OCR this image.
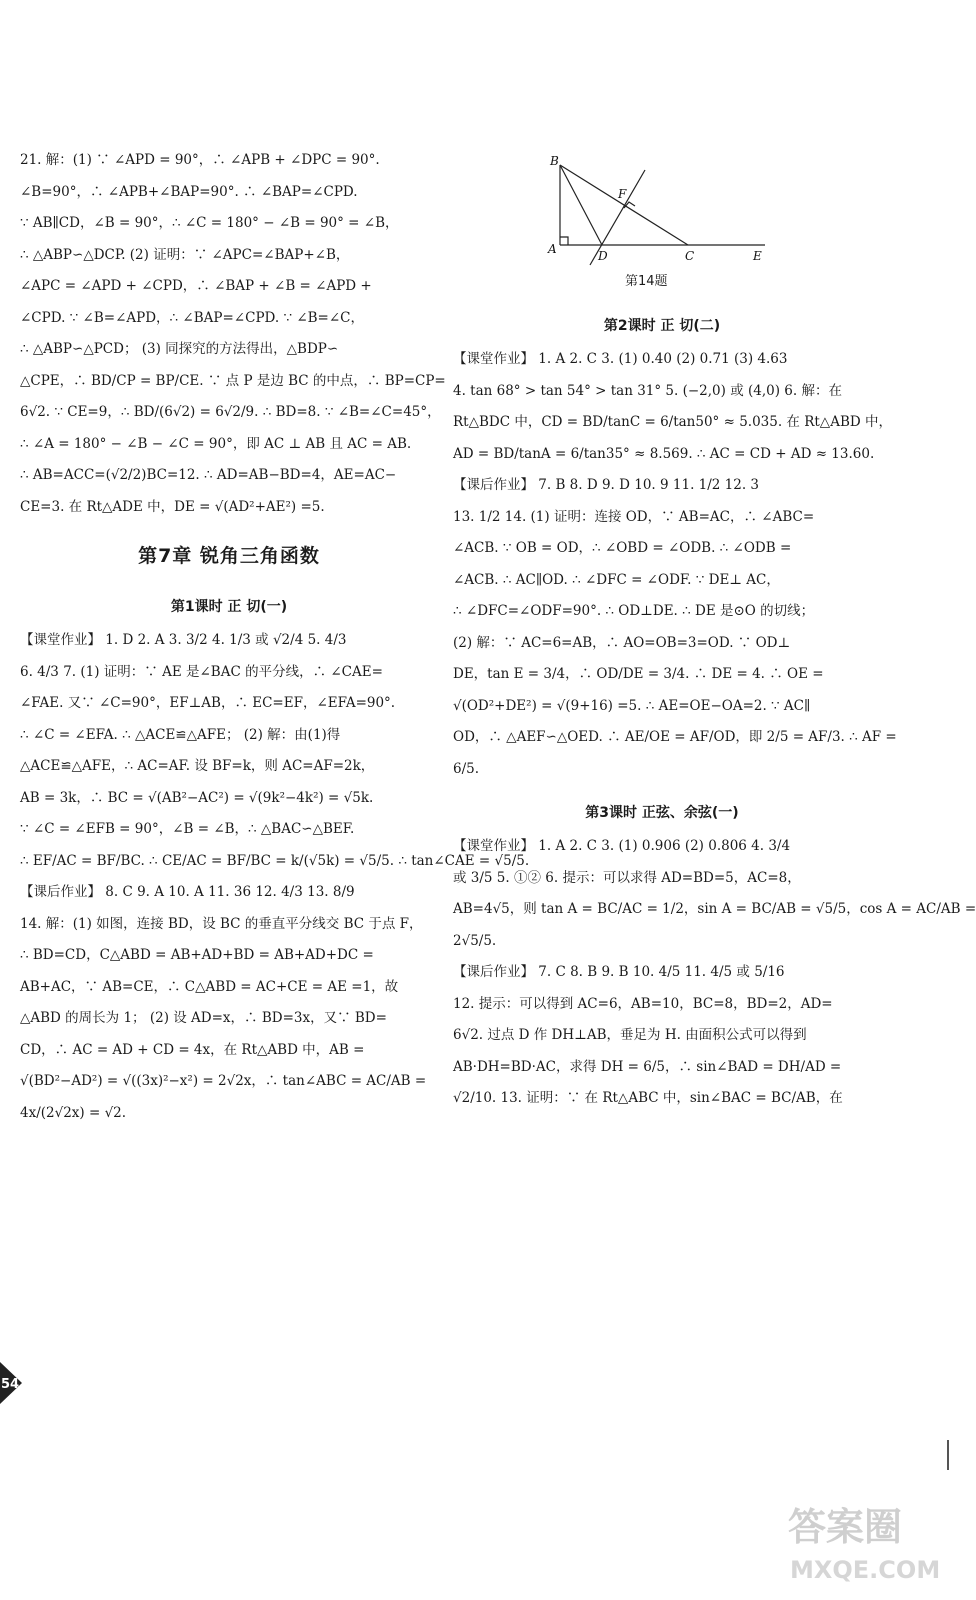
21. 解：(1) ∵ ∠APD = 90°，∴ ∠APB + ∠DPC = 90°.
∠B=90°，∴ ∠APB+∠BAP=90°. ∴ ∠BAP=∠CPD.
∵ AB∥CD，∠B = 90°，∴ ∠C = 180° − ∠B = 90° = ∠B，
∴ △ABP∽△DCP. (2) 证明：∵ ∠APC=∠BAP+∠B，
∠APC = ∠APD + ∠CPD，∴ ∠BAP + ∠B = ∠APD +
∠CPD. ∵ ∠B=∠APD，∴ ∠BAP=∠CPD. ∵ ∠B=∠C，
∴ △ABP∽△PCD； (3) 同探究的方法得出，△BDP∽
△CPE，∴ BD/CP = BP/CE. ∵ 点 P 是边 BC 的中点，∴ BP=CP=
6√2. ∵ CE=9，∴ BD/(6√2) = 6√2/9. ∴ BD=8. ∵ ∠B=∠C=45°，
∴ ∠A = 180° − ∠B − ∠C = 90°，即 AC ⊥ AB 且 AC = AB.
∴ AB=ACC=(√2/2)BC=12. ∴ AD=AB−BD=4，AE=AC−
CE=3. 在 Rt△ADE 中，DE = √(AD²+AE²) =5.
第7章 锐角三角函数
第1课时 正 切(一)
【课堂作业】 1. D 2. A 3. 3/2 4. 1/3 或 √2/4 5. 4/3
6. 4/3 7. (1) 证明：∵ AE 是∠BAC 的平分线，∴ ∠CAE=
∠FAE. 又∵ ∠C=90°，EF⊥AB，∴ EC=EF，∠EFA=90°.
∴ ∠C = ∠EFA. ∴ △ACE≌△AFE； (2) 解：由(1)得
△ACE≌△AFE，∴ AC=AF. 设 BF=k，则 AC=AF=2k，
AB = 3k，∴ BC = √(AB²−AC²) = √(9k²−4k²) = √5k.
∵ ∠C = ∠EFB = 90°，∠B = ∠B，∴ △BAC∽△BEF.
∴ EF/AC = BF/BC. ∴ CE/AC = BF/BC = k/(√5k) = √5/5. ∴ tan∠CAE = √5/5.
【课后作业】 8. C 9. A 10. A 11. 36 12. 4/3 13. 8/9
14. 解：(1) 如图，连接 BD，设 BC 的垂直平分线交 BC 于点 F，
∴ BD=CD，C△ABD = AB+AD+BD = AB+AD+DC =
AB+AC，∵ AB=CE，∴ C△ABD = AC+CE = AE =1，故
△ABD 的周长为 1； (2) 设 AD=x，∴ BD=3x，又∵ BD=
CD，∴ AC = AD + CD = 4x，在 Rt△ABD 中，AB =
√(BD²−AD²) = √((3x)²−x²) = 2√2x，∴ tan∠ABC = AC/AB =
4x/(2√2x) = √2.
第2课时 正 切(二)
【课堂作业】 1. A 2. C 3. (1) 0.40 (2) 0.71 (3) 4.63
4. tan 68° > tan 54° > tan 31° 5. (−2,0) 或 (4,0) 6. 解：在
Rt△BDC 中，CD = BD/tanC = 6/tan50° ≈ 5.035. 在 Rt△ABD 中，
AD = BD/tanA = 6/tan35° ≈ 8.569. ∴ AC = CD + AD ≈ 13.60.
【课后作业】 7. B 8. D 9. D 10. 9 11. 1/2 12. 3
13. 1/2 14. (1) 证明：连接 OD，∵ AB=AC，∴ ∠ABC=
∠ACB. ∵ OB = OD，∴ ∠OBD = ∠ODB. ∴ ∠ODB =
∠ACB. ∴ AC∥OD. ∴ ∠DFC = ∠ODF. ∵ DE⊥ AC，
∴ ∠DFC=∠ODF=90°. ∴ OD⊥DE. ∴ DE 是⊙O 的切线；
(2) 解：∵ AC=6=AB，∴ AO=OB=3=OD. ∵ OD⊥
DE，tan E = 3/4，∴ OD/DE = 3/4. ∴ DE = 4. ∴ OE =
√(OD²+DE²) = √(9+16) =5. ∴ AE=OE−OA=2. ∵ AC∥
OD，∴ △AEF∽△OED. ∴ AE/OE = AF/OD，即 2/5 = AF/3. ∴ AF =
6/5.
第3课时 正弦、余弦(一)
【课堂作业】 1. A 2. C 3. (1) 0.906 (2) 0.806 4. 3/4
或 3/5 5. ①② 6. 提示：可以求得 AD=BD=5，AC=8，
AB=4√5，则 tan A = BC/AC = 1/2，sin A = BC/AB = √5/5，cos A = AC/AB =
2√5/5.
【课后作业】 7. C 8. B 9. B 10. 4/5 11. 4/5 或 5/16
12. 提示：可以得到 AC=6，AB=10，BC=8，BD=2，AD=
6√2. 过点 D 作 DH⊥AB，垂足为 H. 由面积公式可以得到
AB·DH=BD·AC，求得 DH = 6/5，∴ sin∠BAD = DH/AD =
√2/10. 13. 证明：∵ 在 Rt△ABC 中，sin∠BAC = BC/AB，在
B
F
A	D	C	E
第14题
54
答案圈
MXQE.COM
